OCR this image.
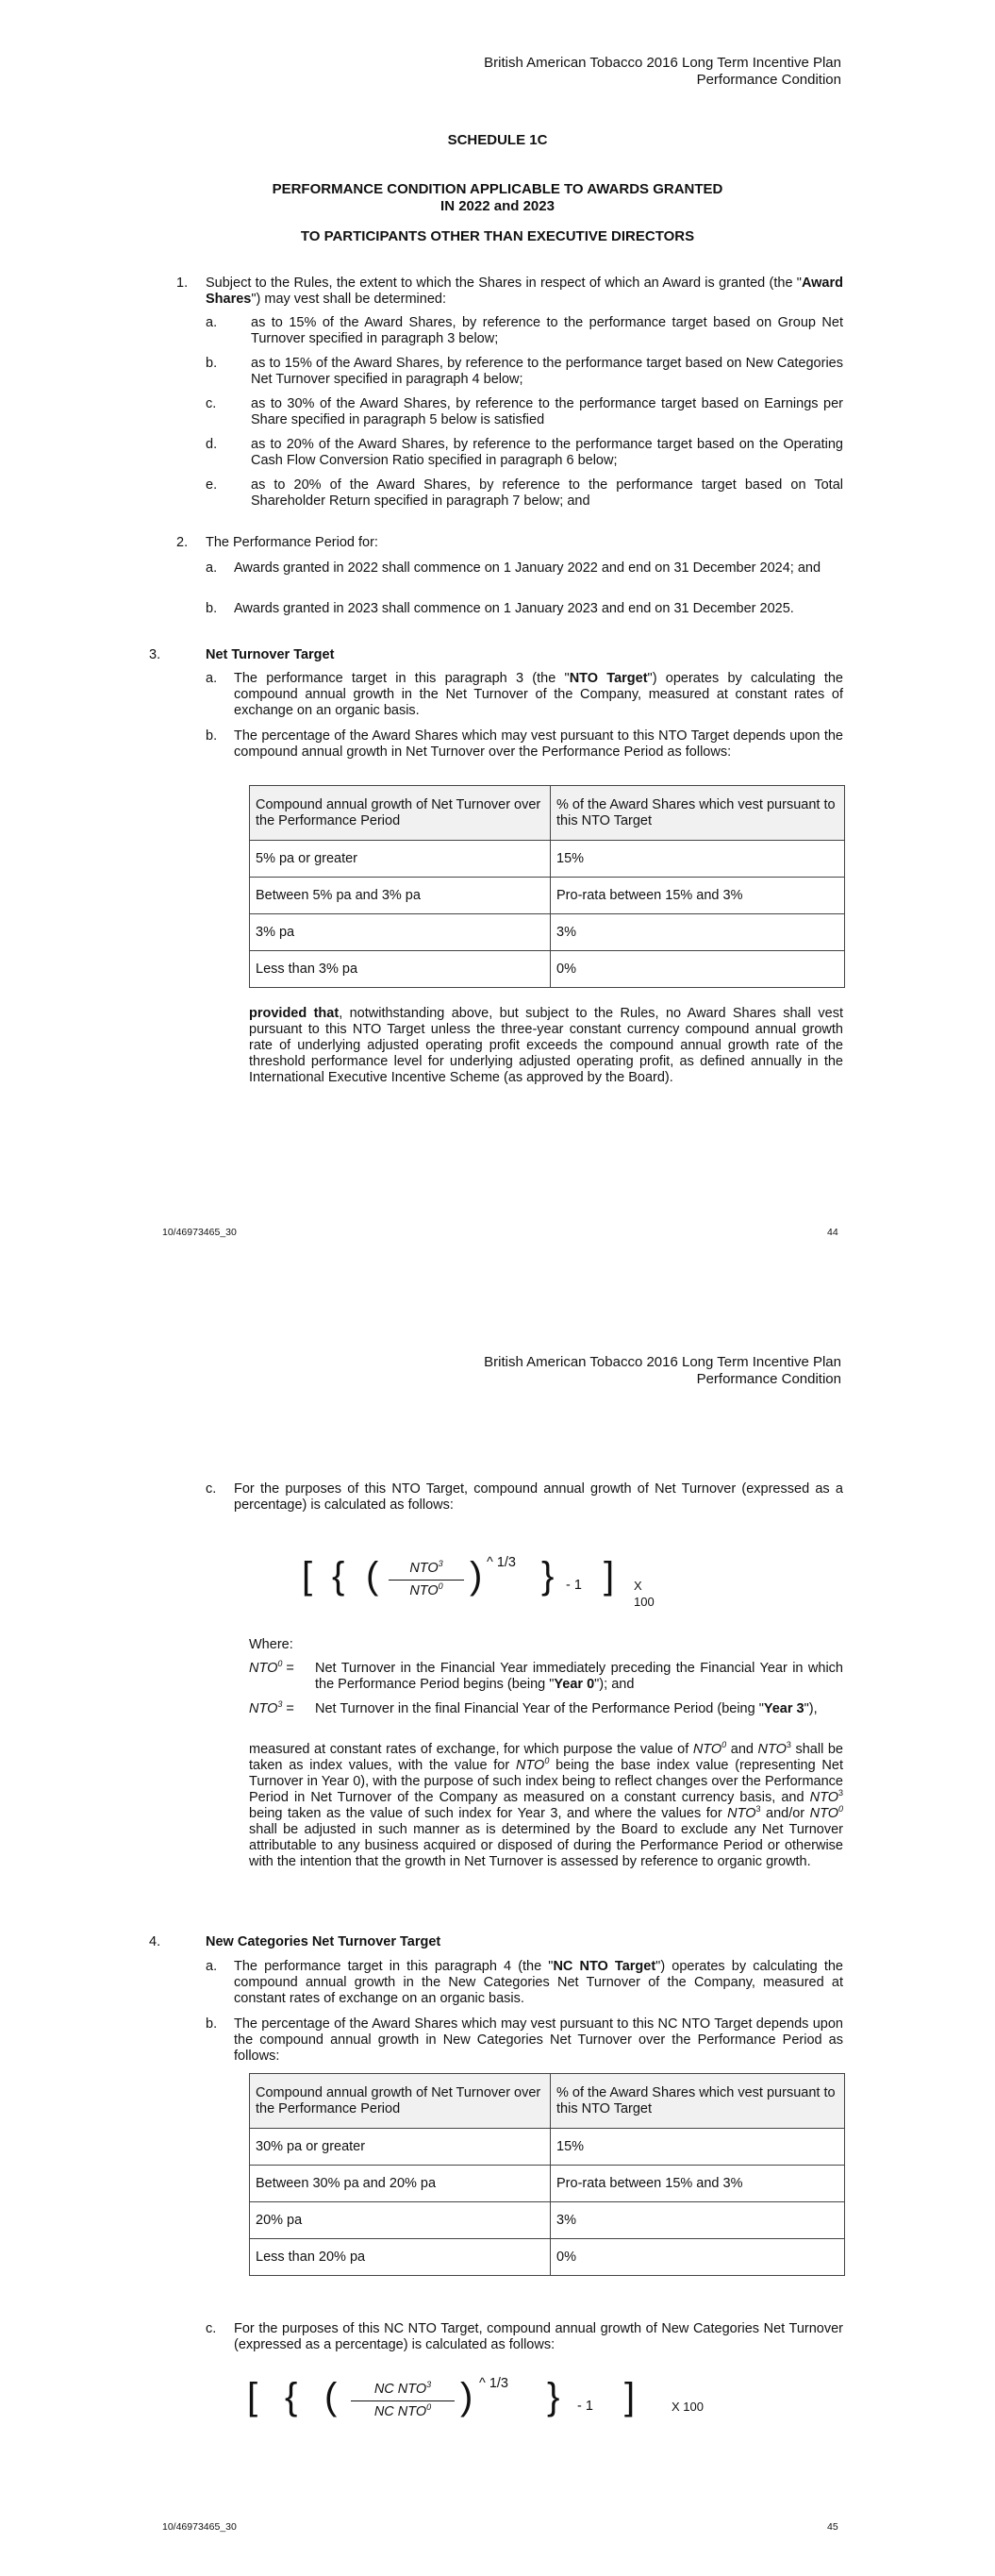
British American Tobacco 2016 Long Term Incentive Plan
Performance Condition
SCHEDULE 1C
PERFORMANCE CONDITION APPLICABLE TO AWARDS GRANTED
IN 2022 and 2023
TO PARTICIPANTS OTHER THAN EXECUTIVE DIRECTORS
1. Subject to the Rules, the extent to which the Shares in respect of which an Award is granted (the "Award Shares") may vest shall be determined:
a. as to 15% of the Award Shares, by reference to the performance target based on Group Net Turnover specified in paragraph 3 below;
b. as to 15% of the Award Shares, by reference to the performance target based on New Categories Net Turnover specified in paragraph 4 below;
c.	as to 30% of the Award Shares, by reference to the performance target based on Earnings per Share specified in paragraph 5 below is satisfied
d. as to 20% of the Award Shares, by reference to the performance target based on the Operating Cash Flow Conversion Ratio specified in paragraph 6 below;
e. as to 20% of the Award Shares, by reference to the performance target based on Total Shareholder Return specified in paragraph 7 below; and
2. The Performance Period for:
a. Awards granted in 2022 shall commence on 1 January 2022 and end on 31 December 2024; and
b. Awards granted in 2023 shall commence on 1 January 2023 and end on 31 December 2025.
3.	Net Turnover Target
a. The performance target in this paragraph 3 (the "NTO Target") operates by calculating the compound annual growth in the Net Turnover of the Company, measured at constant rates of exchange on an organic basis.
b. The percentage of the Award Shares which may vest pursuant to this NTO Target depends upon the compound annual growth in Net Turnover over the Performance Period as follows:
Compound annual growth of Net Turnover over the Performance Period	% of the Award Shares which vest pursuant to this NTO Target
5% pa or greater	15%
Between 5% pa and 3% pa	Pro-rata between 15% and 3%
3% pa	3%
Less than 3% pa	0%
provided that, notwithstanding above, but subject to the Rules, no Award Shares shall vest pursuant to this NTO Target unless the three-year constant currency compound annual growth rate of underlying adjusted operating profit exceeds the compound annual growth rate of the threshold performance level for underlying adjusted operating profit, as defined annually in the International Executive Incentive Scheme (as approved by the Board).
10/46973465_30	44
British American Tobacco 2016 Long Term Incentive Plan
Performance Condition
c. For the purposes of this NTO Target, compound annual growth of Net Turnover (expressed as a percentage) is calculated as follows:
[ { (	NTO$^3$
NTO$^0$ ) ^ 1/3 } - 1 ] X 100
Where:
$NTO^0$ = Net Turnover in the Financial Year immediately preceding the Financial Year in which the Performance Period begins (being "Year 0"); and
$NTO^3$ = Net Turnover in the final Financial Year of the Performance Period (being "Year 3"),
measured at constant rates of exchange, for which purpose the value of NTO$^0$ and NTO$^3$ shall be taken as index values, with the value for NTO$^0$ being the base index value (representing Net Turnover in Year 0), with the purpose of such index being to reflect changes over the Performance Period in Net Turnover of the Company as measured on a constant currency basis, and NTO$^3$ being taken as the value of such index for Year 3, and where the values for NTO$^3$ and/or NTO$^0$ shall be adjusted in such manner as is determined by the Board to exclude any Net Turnover attributable to any business acquired or disposed of during the Performance Period or otherwise with the intention that the growth in Net Turnover is assessed by reference to organic growth.
4.	New Categories Net Turnover Target
a. The performance target in this paragraph 4 (the "NC NTO Target") operates by calculating the compound annual growth in the New Categories Net Turnover of the Company, measured at constant rates of exchange on an organic basis.
b. The percentage of the Award Shares which may vest pursuant to this NC NTO Target depends upon the compound annual growth in New Categories Net Turnover over the Performance Period as follows:
Compound annual growth of Net Turnover over the Performance Period	% of the Award Shares which vest pursuant to this NTO Target
30% pa or greater	15%
Between 30% pa and 20% pa	Pro-rata between 15% and 3%
20% pa	3%
Less than 20% pa	0%
c. For the purposes of this NC NTO Target, compound annual growth of New Categories Net Turnover (expressed as a percentage) is calculated as follows:
[ { (	NC NTO$^3$
NC NTO$^0$ ) ^ 1/3 } - 1 ]	X 100
10/46973465_30	45
